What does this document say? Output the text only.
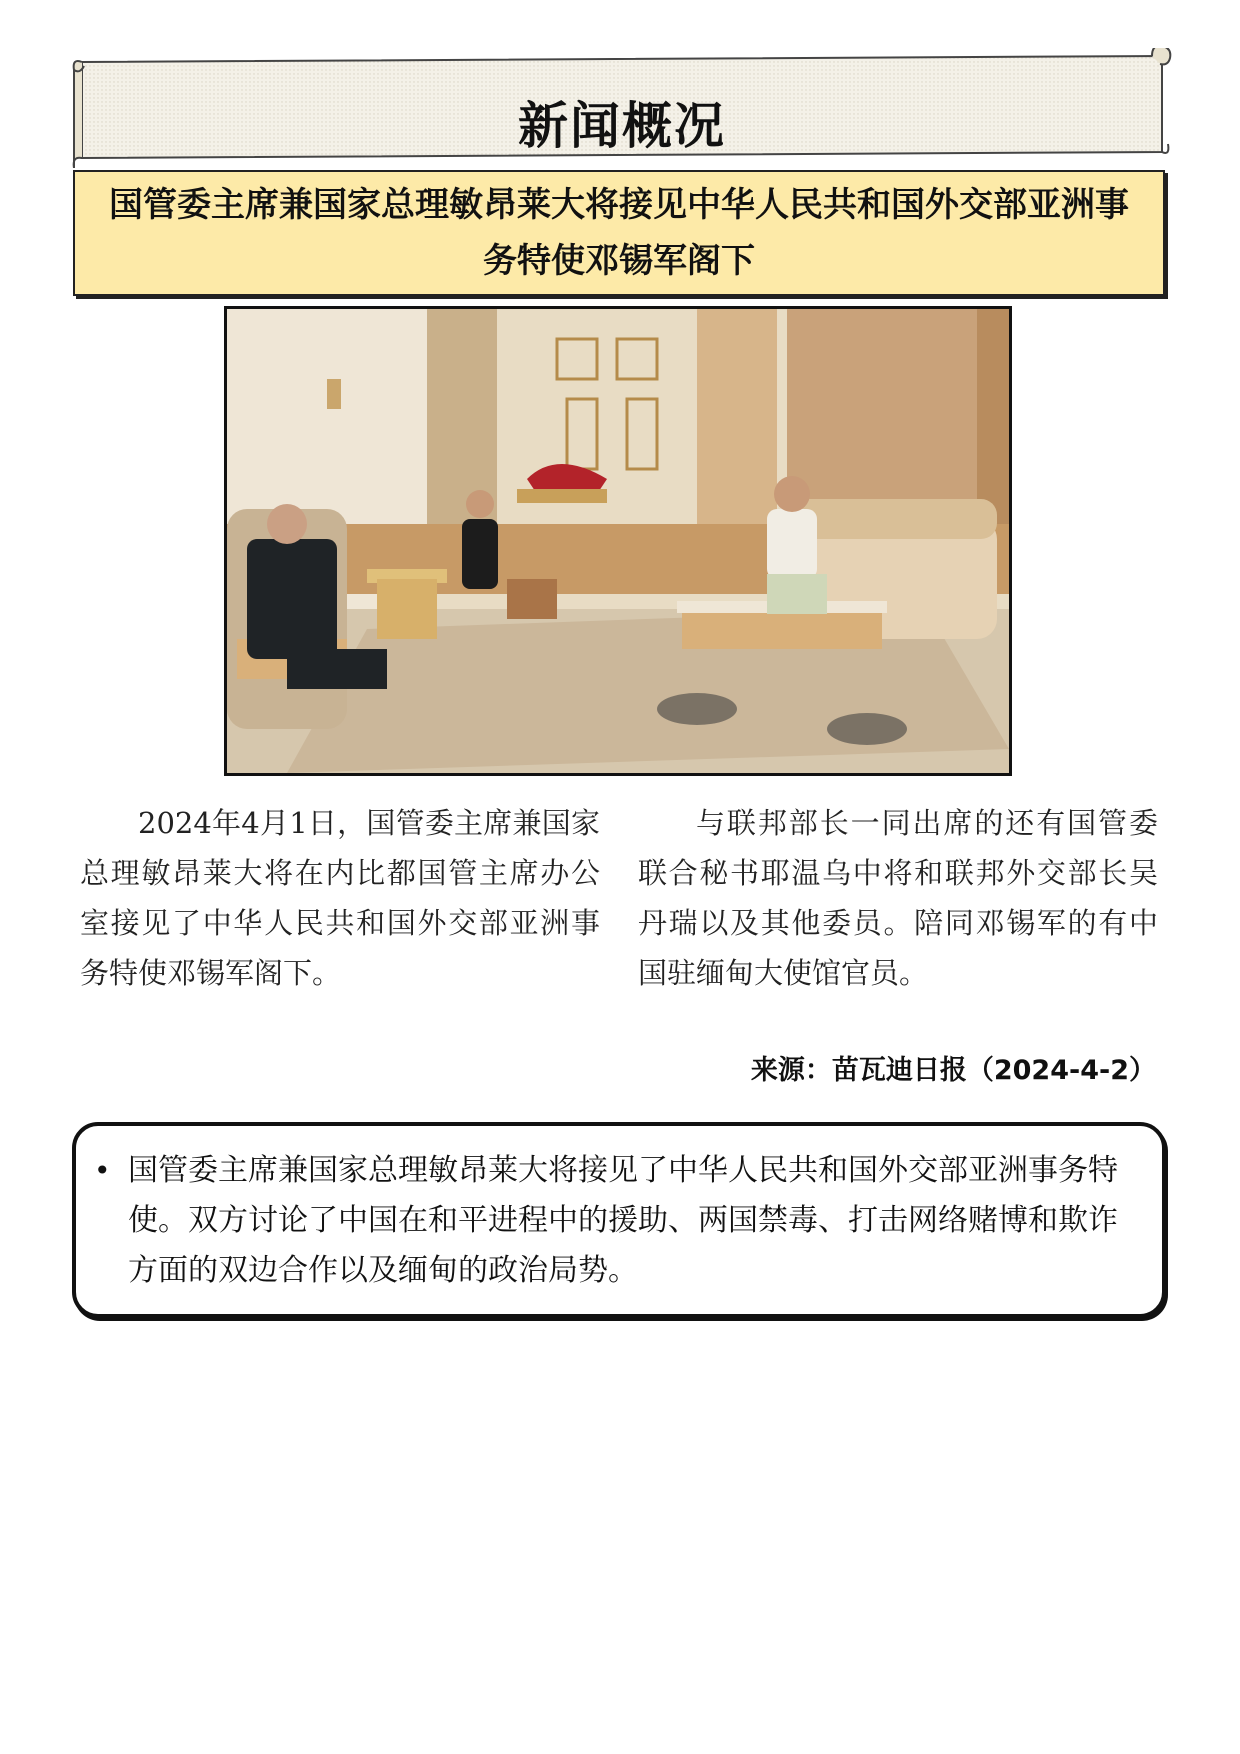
新闻概况
国管委主席兼国家总理敏昂莱大将接见中华人民共和国外交部亚洲事务特使邓锡军阁下

2024年4月1日，国管委主席兼国家总理敏昂莱大将在内比都国管主席办公室接见了中华人民共和国外交部亚洲事务特使邓锡军阁下。

与联邦部长一同出席的还有国管委联合秘书耶温乌中将和联邦外交部长吴丹瑞以及其他委员。陪同邓锡军的有中国驻缅甸大使馆官员。

来源：苗瓦迪日报（2024-4-2）
• 国管委主席兼国家总理敏昂莱大将接见了中华人民共和国外交部亚洲事务特使。双方讨论了中国在和平进程中的援助、两国禁毒、打击网络赌博和欺诈方面的双边合作以及缅甸的政治局势。
